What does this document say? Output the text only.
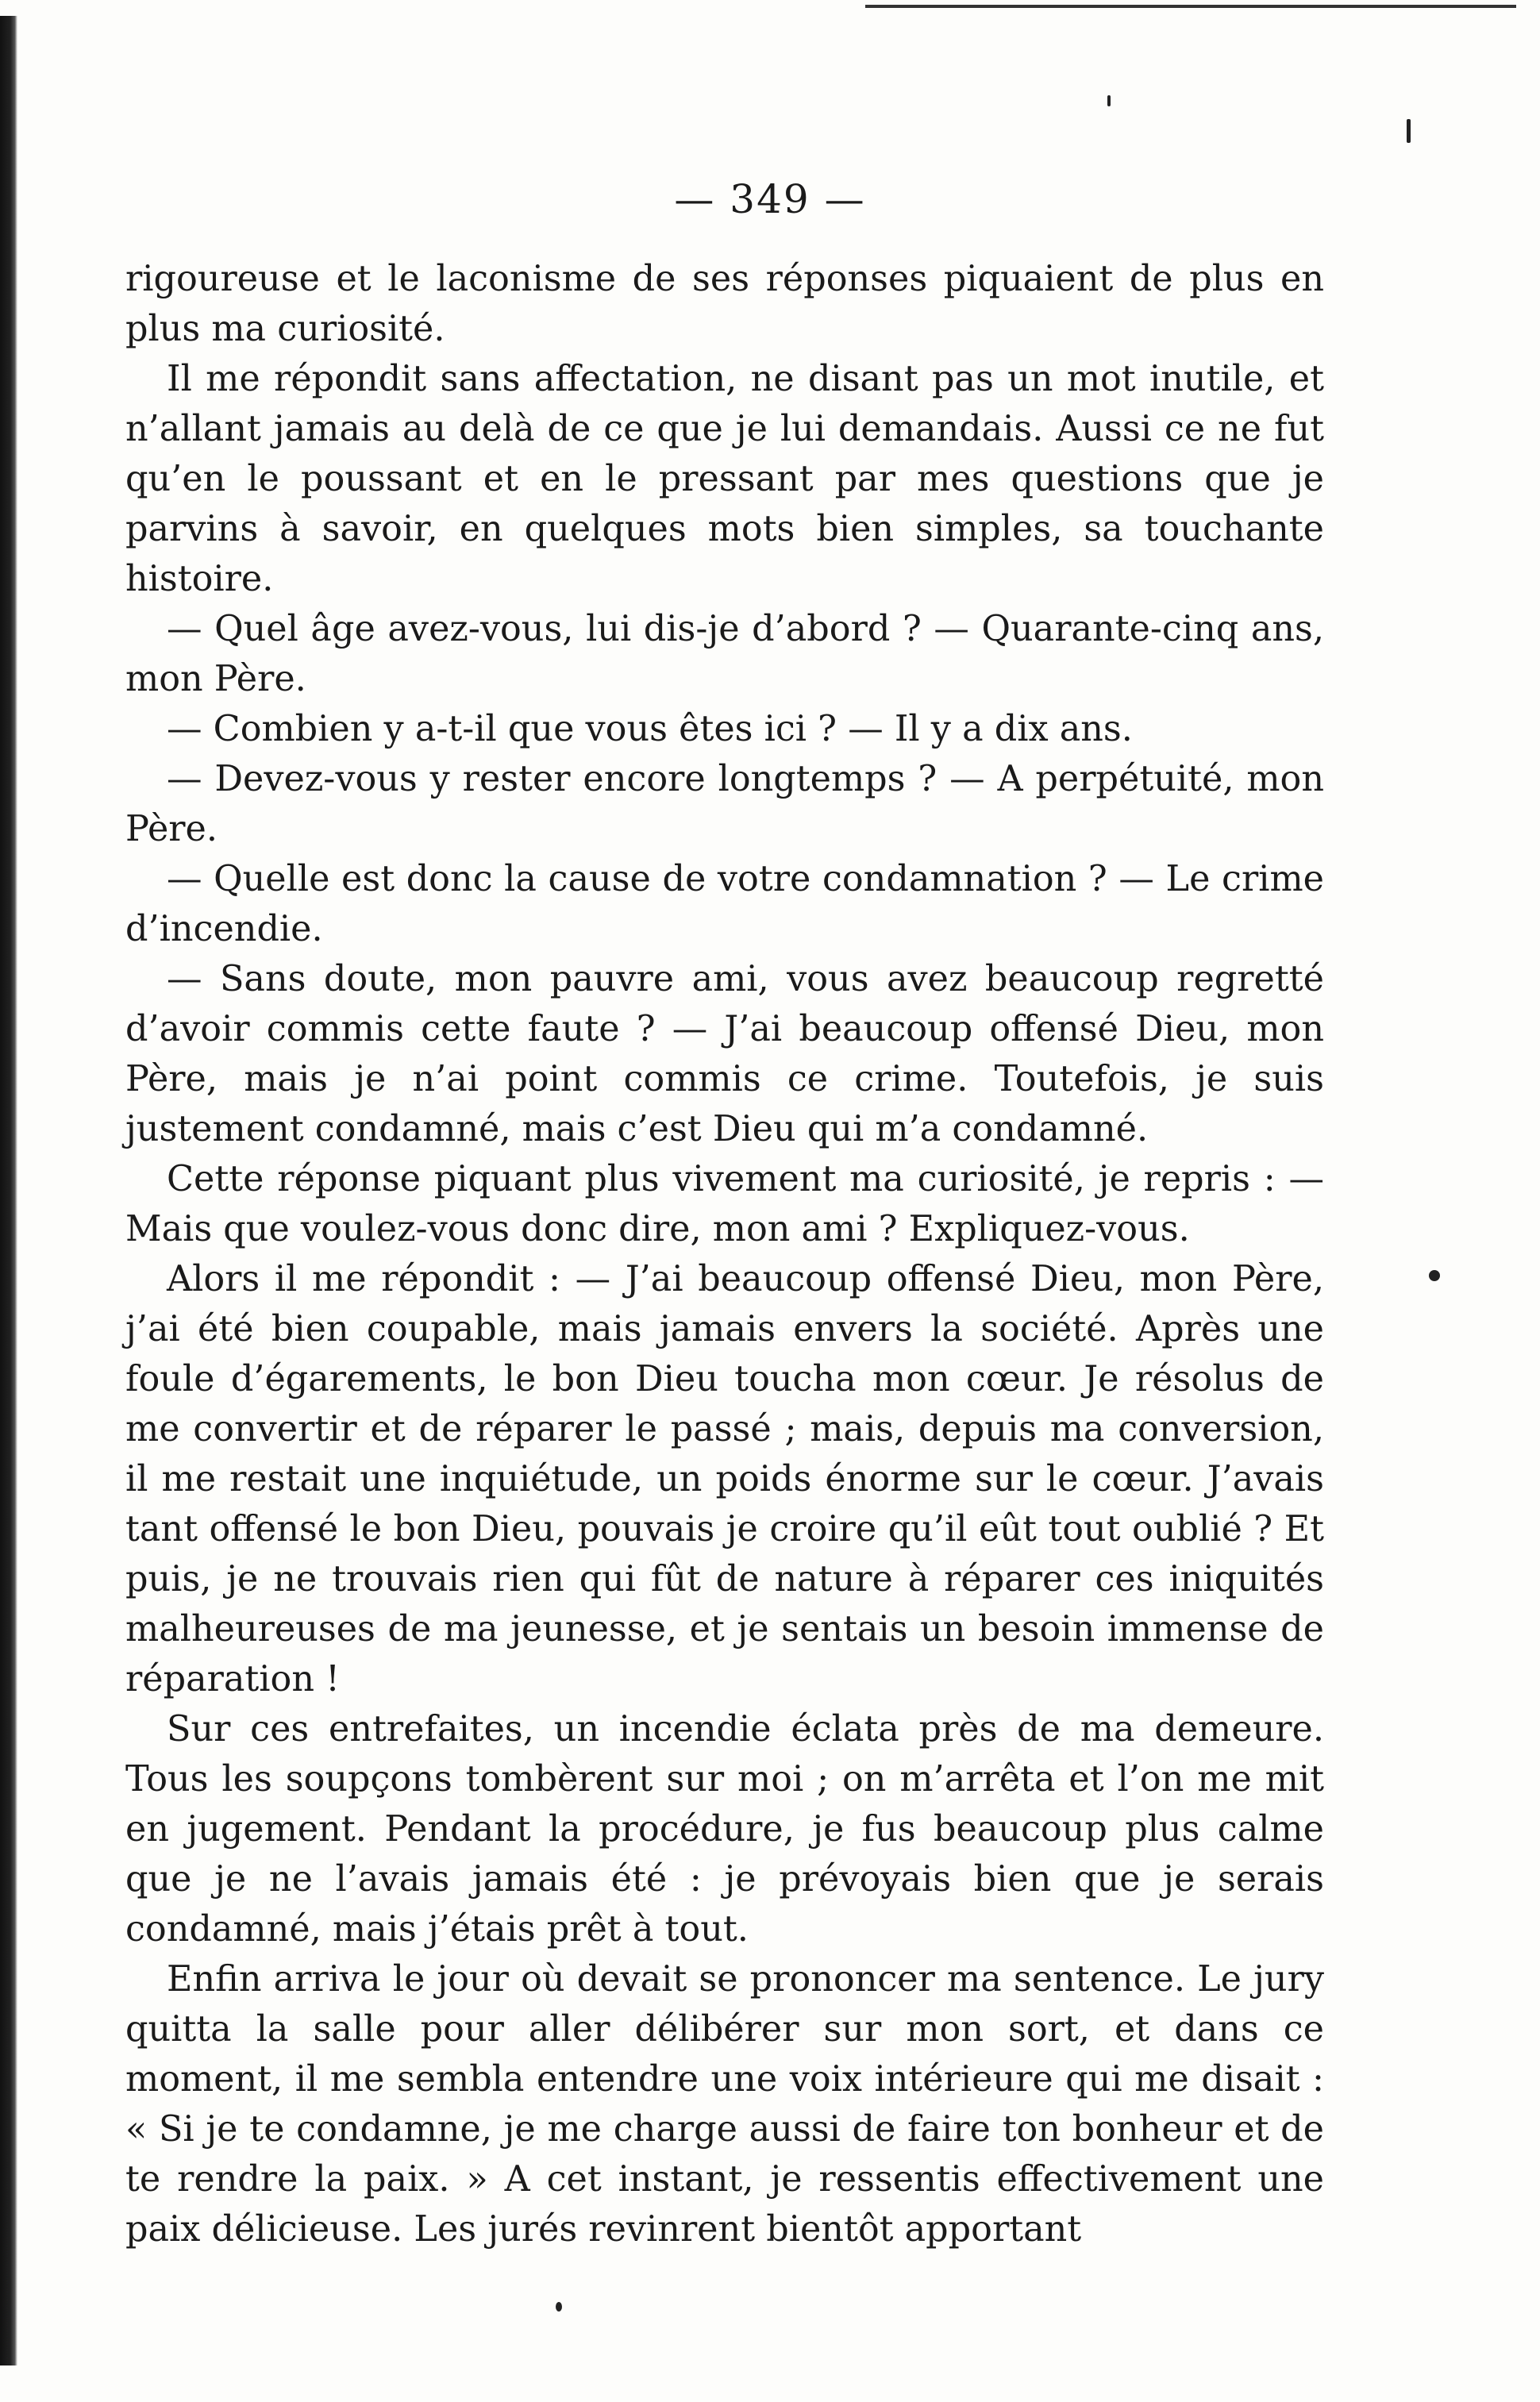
— 349 —

rigoureuse et le laconisme de ses réponses piquaient de plus en plus ma curiosité.

Il me répondit sans affectation, ne disant pas un mot inutile, et n’allant jamais au delà de ce que je lui demandais. Aussi ce ne fut qu’en le poussant et en le pressant par mes questions que je parvins à savoir, en quelques mots bien simples, sa touchante histoire.

— Quel âge avez-vous, lui dis-je d’abord ? — Quarante-cinq ans, mon Père.

— Combien y a-t-il que vous êtes ici ? — Il y a dix ans.

— Devez-vous y rester encore longtemps ? — A perpétuité, mon Père.

— Quelle est donc la cause de votre condamnation ? — Le crime d’incendie.

— Sans doute, mon pauvre ami, vous avez beaucoup regretté d’avoir commis cette faute ? — J’ai beaucoup offensé Dieu, mon Père, mais je n’ai point commis ce crime. Toutefois, je suis justement condamné, mais c’est Dieu qui m’a condamné.

Cette réponse piquant plus vivement ma curiosité, je repris : — Mais que voulez-vous donc dire, mon ami ? Expliquez-vous.

Alors il me répondit : — J’ai beaucoup offensé Dieu, mon Père, j’ai été bien coupable, mais jamais envers la société. Après une foule d’égarements, le bon Dieu toucha mon cœur. Je résolus de me convertir et de réparer le passé ; mais, depuis ma conversion, il me restait une inquiétude, un poids énorme sur le cœur. J’avais tant offensé le bon Dieu, pouvais je croire qu’il eût tout oublié ? Et puis, je ne trouvais rien qui fût de nature à réparer ces iniquités malheureuses de ma jeunesse, et je sentais un besoin immense de réparation !

Sur ces entrefaites, un incendie éclata près de ma demeure. Tous les soupçons tombèrent sur moi ; on m’arrêta et l’on me mit en jugement. Pendant la procédure, je fus beaucoup plus calme que je ne l’avais jamais été : je prévoyais bien que je serais condamné, mais j’étais prêt à tout.

Enfin arriva le jour où devait se prononcer ma sentence. Le jury quitta la salle pour aller délibérer sur mon sort, et dans ce moment, il me sembla entendre une voix intérieure qui me disait : « Si je te condamne, je me charge aussi de faire ton bonheur et de te rendre la paix. » A cet instant, je ressentis effectivement une paix délicieuse. Les jurés revinrent bientôt apportant
